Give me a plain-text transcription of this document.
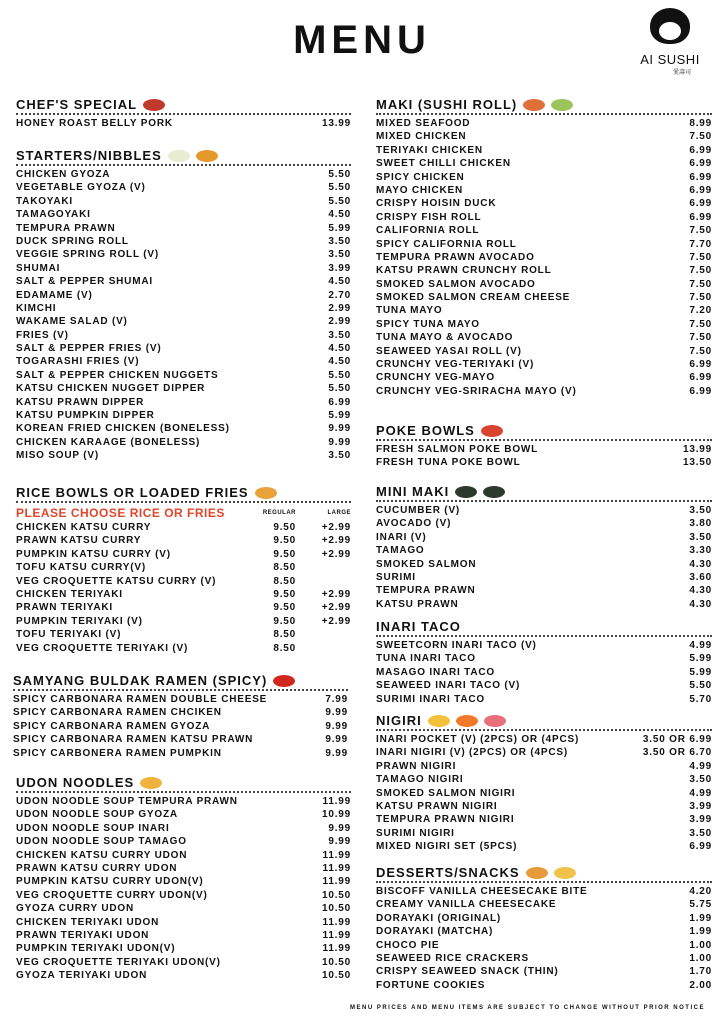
MENU	AI SUSHI
愛壽司
CHEF'S SPECIAL
HONEY ROAST BELLY PORK	13.99
STARTERS/NIBBLES
CHICKEN GYOZA	5.50
VEGETABLE GYOZA (V)	5.50
TAKOYAKI	5.50
TAMAGOYAKI	4.50
TEMPURA PRAWN	5.99
DUCK SPRING ROLL	3.50
VEGGIE SPRING ROLL (V)	3.50
SHUMAI	3.99
SALT & PEPPER SHUMAI	4.50
EDAMAME (V)	2.70
KIMCHI	2.99
WAKAME SALAD (V)	2.99
FRIES (V)	3.50
SALT & PEPPER FRIES (V)	4.50
TOGARASHI FRIES (V)	4.50
SALT & PEPPER CHICKEN NUGGETS	5.50
KATSU CHICKEN NUGGET DIPPER	5.50
KATSU PRAWN DIPPER	6.99
KATSU PUMPKIN DIPPER	5.99
KOREAN FRIED CHICKEN (BONELESS)	9.99
CHICKEN KARAAGE (BONELESS)	9.99
MISO SOUP (V)	3.50
RICE BOWLS OR LOADED FRIES
PLEASE CHOOSE RICE OR FRIES	REGULAR	LARGE
CHICKEN KATSU CURRY	9.50	+2.99
PRAWN KATSU CURRY	9.50	+2.99
PUMPKIN KATSU CURRY (V)	9.50	+2.99
TOFU KATSU CURRY(V)	8.50
VEG CROQUETTE KATSU CURRY (V)	8.50
CHICKEN TERIYAKI	9.50	+2.99
PRAWN TERIYAKI	9.50	+2.99
PUMPKIN TERIYAKI (V)	9.50	+2.99
TOFU TERIYAKI (V)	8.50
VEG CROQUETTE TERIYAKI (V)	8.50
SAMYANG BULDAK RAMEN (SPICY)
SPICY CARBONARA RAMEN DOUBLE CHEESE	7.99
SPICY CARBONARA RAMEN CHCIKEN	9.99
SPICY CARBONARA RAMEN GYOZA	9.99
SPICY CARBONARA RAMEN KATSU PRAWN	9.99
SPICY CARBONERA RAMEN PUMPKIN	9.99
UDON NOODLES
UDON NOODLE SOUP TEMPURA PRAWN	11.99
UDON NOODLE SOUP GYOZA	10.99
UDON NOODLE SOUP INARI	9.99
UDON NOODLE SOUP TAMAGO	9.99
CHICKEN KATSU CURRY UDON	11.99
PRAWN KATSU CURRY UDON	11.99
PUMPKIN KATSU CURRY UDON(V)	11.99
VEG CROQUETTE CURRY UDON(V)	10.50
GYOZA CURRY UDON	10.50
CHICKEN TERIYAKI UDON	11.99
PRAWN TERIYAKI UDON	11.99
PUMPKIN TERIYAKI UDON(V)	11.99
VEG CROQUETTE TERIYAKI UDON(V)	10.50
GYOZA TERIYAKI UDON	10.50
MAKI (SUSHI ROLL)
MIXED SEAFOOD	8.99
MIXED CHICKEN	7.50
TERIYAKI CHICKEN	6.99
SWEET CHILLI CHICKEN	6.99
SPICY CHICKEN	6.99
MAYO CHICKEN	6.99
CRISPY HOISIN DUCK	6.99
CRISPY FISH ROLL	6.99
CALIFORNIA ROLL	7.50
SPICY CALIFORNIA ROLL	7.70
TEMPURA PRAWN AVOCADO	7.50
KATSU PRAWN CRUNCHY ROLL	7.50
SMOKED SALMON AVOCADO	7.50
SMOKED SALMON CREAM CHEESE	7.50
TUNA MAYO	7.20
SPICY TUNA MAYO	7.50
TUNA MAYO & AVOCADO	7.50
SEAWEED YASAI ROLL (V)	7.50
CRUNCHY VEG-TERIYAKI (V)	6.99
CRUNCHY VEG-MAYO	6.99
CRUNCHY VEG-SRIRACHA MAYO (V)	6.99
POKE BOWLS
FRESH SALMON POKE BOWL	13.99
FRESH TUNA POKE BOWL	13.50
MINI MAKI
CUCUMBER (V)	3.50
AVOCADO (V)	3.80
INARI (V)	3.50
TAMAGO	3.30
SMOKED SALMON	4.30
SURIMI	3.60
TEMPURA PRAWN	4.30
KATSU PRAWN	4.30
INARI TACO
SWEETCORN INARI TACO (V)	4.99
TUNA INARI TACO	5.99
MASAGO INARI TACO	5.99
SEAWEED INARI TACO (V)	5.50
SURIMI INARI TACO	5.70
NIGIRI
INARI POCKET (V) (2PCS) OR (4PCS)	3.50 OR 6.99
INARI NIGIRI (V) (2PCS) OR (4PCS)	3.50 OR 6.70
PRAWN NIGIRI	4.99
TAMAGO NIGIRI	3.50
SMOKED SALMON NIGIRI	4.99
KATSU PRAWN NIGIRI	3.99
TEMPURA PRAWN NIGIRI	3.99
SURIMI NIGIRI	3.50
MIXED NIGIRI SET (5PCS)	6.99
DESSERTS/SNACKS
BISCOFF VANILLA CHEESECAKE BITE	4.20
CREAMY VANILLA CHEESECAKE	5.75
DORAYAKI (ORIGINAL)	1.99
DORAYAKI (MATCHA)	1.99
CHOCO PIE	1.00
SEAWEED RICE CRACKERS	1.00
CRISPY SEAWEED SNACK (THIN)	1.70
FORTUNE COOKIES	2.00
MENU PRICES AND MENU ITEMS ARE SUBJECT TO CHANGE WITHOUT PRIOR NOTICE
